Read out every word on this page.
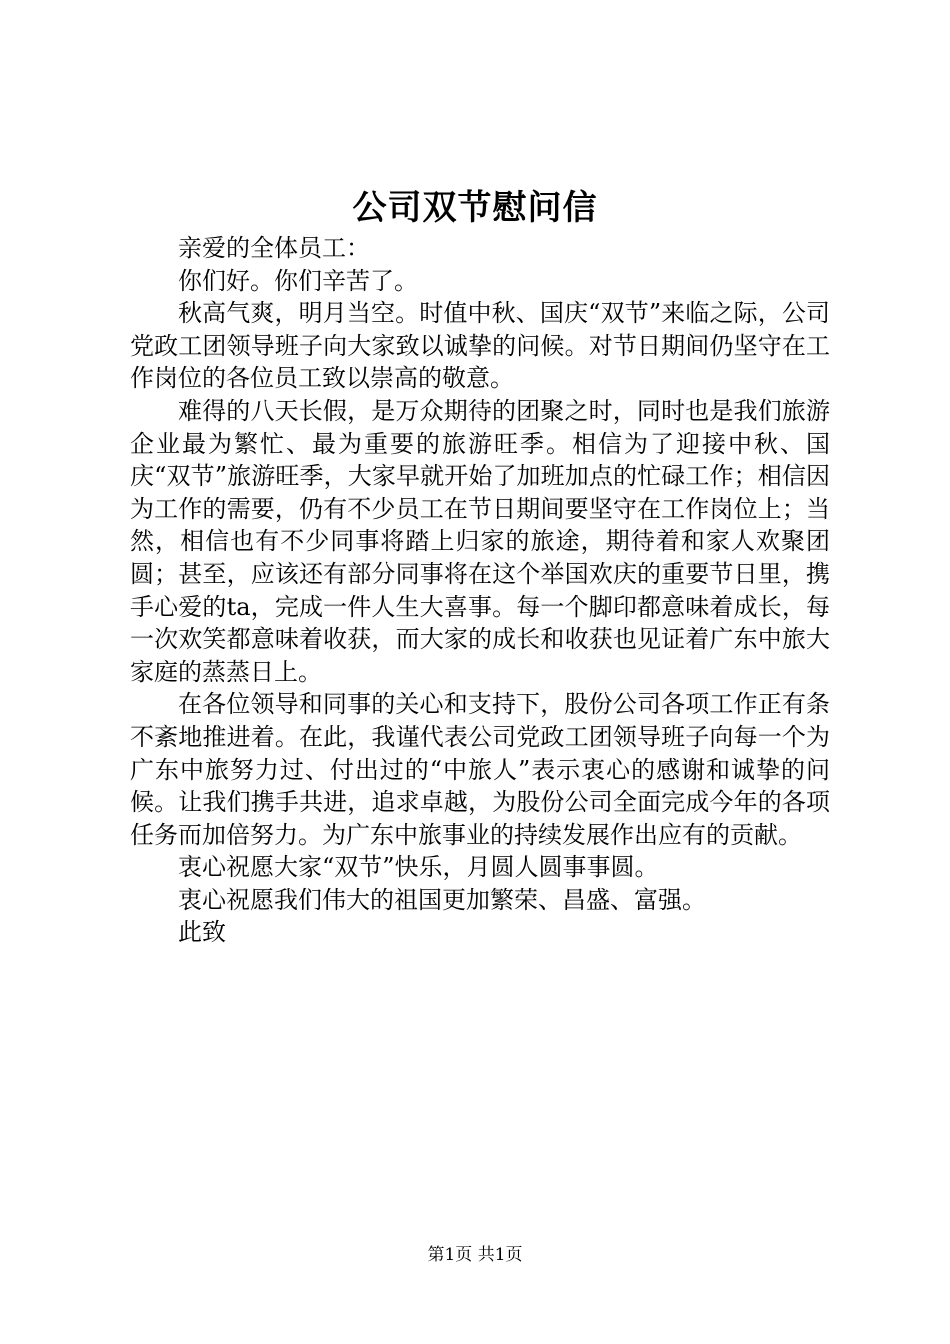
公司双节慰问信

亲爱的全体员工：

你们好。你们辛苦了。

秋高气爽，明月当空。时值中秋、国庆“双节”来临之际，公司党政工团领导班子向大家致以诚挚的问候。对节日期间仍坚守在工作岗位的各位员工致以崇高的敬意。

难得的八天长假，是万众期待的团聚之时，同时也是我们旅游企业最为繁忙、最为重要的旅游旺季。相信为了迎接中秋、国庆“双节”旅游旺季，大家早就开始了加班加点的忙碌工作；相信因为工作的需要，仍有不少员工在节日期间要坚守在工作岗位上；当然，相信也有不少同事将踏上归家的旅途，期待着和家人欢聚团圆；甚至，应该还有部分同事将在这个举国欢庆的重要节日里，携手心爱的ta，完成一件人生大喜事。每一个脚印都意味着成长，每一次欢笑都意味着收获，而大家的成长和收获也见证着广东中旅大家庭的蒸蒸日上。

在各位领导和同事的关心和支持下，股份公司各项工作正有条不紊地推进着。在此，我谨代表公司党政工团领导班子向每一个为广东中旅努力过、付出过的“中旅人”表示衷心的感谢和诚挚的问候。让我们携手共进，追求卓越，为股份公司全面完成今年的各项任务而加倍努力。为广东中旅事业的持续发展作出应有的贡献。

衷心祝愿大家“双节”快乐，月圆人圆事事圆。

衷心祝愿我们伟大的祖国更加繁荣、昌盛、富强。

此致

第1页 共1页
